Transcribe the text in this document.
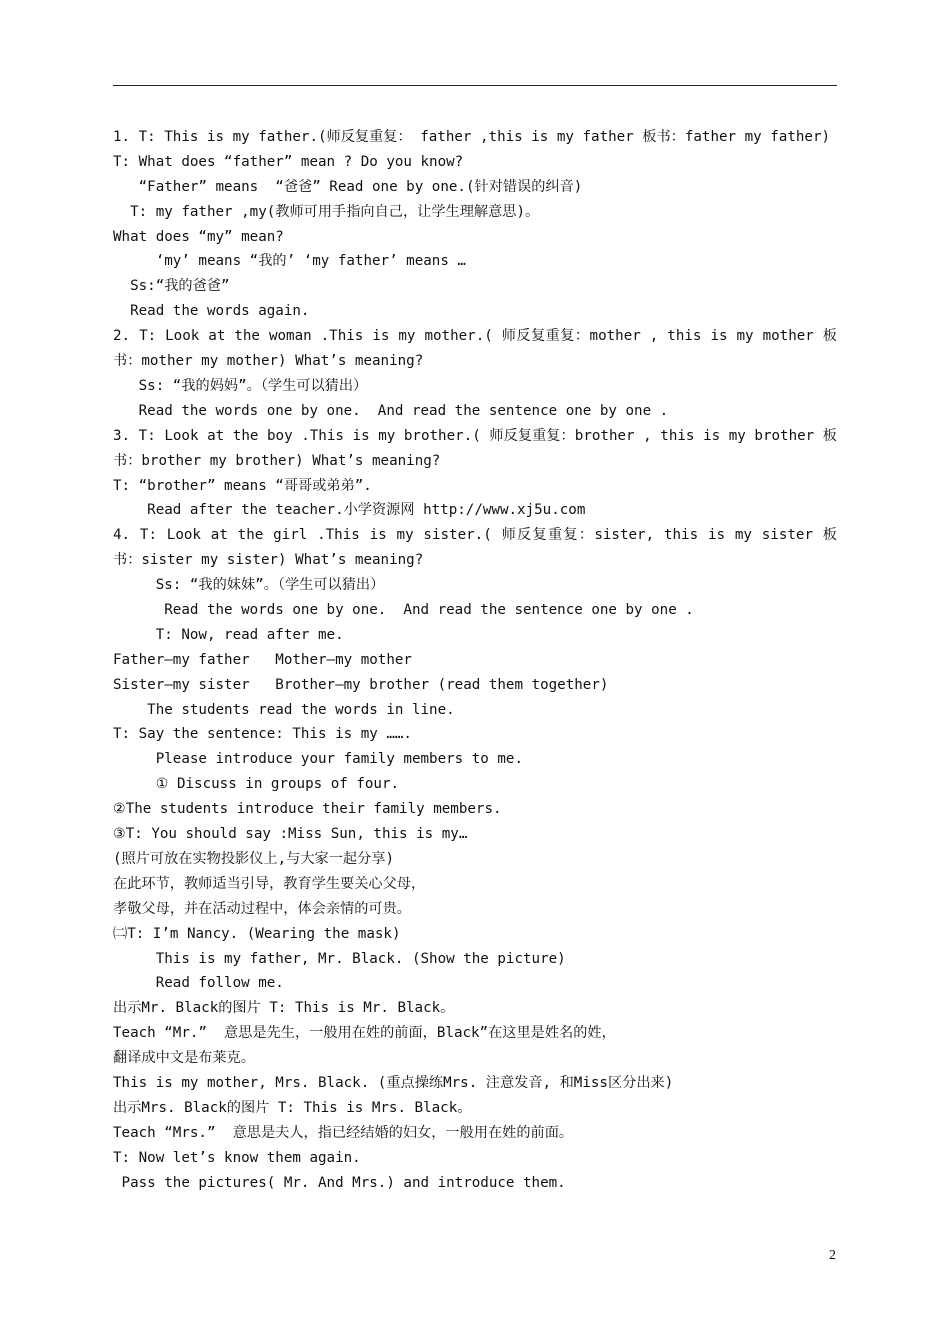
1. T: This is my father.(师反复重复： father ,this is my father 板书：father my father)
T: What does “father” mean ? Do you know?
“Father” means  “爸爸” Read one by one.(针对错误的纠音)
T: my father ,my(教师可用手指向自己，让学生理解意思)。
What does “my” mean?
‘my’ means “我的’ ‘my father’ means …
Ss:“我的爸爸”
Read the words again.
2. T: Look at the woman .This is my mother.( 师反复重复：mother , this is my mother 板书：mother my mother) What’s meaning?
Ss: “我的妈妈”。（学生可以猜出）
Read the words one by one.  And read the sentence one by one .
3. T: Look at the boy .This is my brother.( 师反复重复：brother , this is my brother 板书：brother my brother) What’s meaning?
T: “brother” means “哥哥或弟弟”.
Read after the teacher.小学资源网 http://www.xj5u.com
4. T: Look at the girl .This is my sister.( 师反复重复：sister, this is my sister 板书：sister my sister) What’s meaning?
Ss: “我的妹妹”。（学生可以猜出）
Read the words one by one.  And read the sentence one by one .
T: Now, read after me.
Father—my father   Mother—my mother
Sister—my sister   Brother—my brother (read them together)
The students read the words in line.
T: Say the sentence: This is my …….
Please introduce your family members to me.
① Discuss in groups of four.
②The students introduce their family members.
③T: You should say :Miss Sun, this is my…
(照片可放在实物投影仪上,与大家一起分享)
在此环节，教师适当引导，教育学生要关心父母，
孝敬父母，并在活动过程中，体会亲情的可贵。
㈡T: I’m Nancy. (Wearing the mask)
This is my father, Mr. Black. (Show the picture)
Read follow me.
出示Mr. Black的图片 T: This is Mr. Black。
Teach “Mr.”  意思是先生，一般用在姓的前面，Black”在这里是姓名的姓，
翻译成中文是布莱克。
This is my mother, Mrs. Black. (重点操练Mrs. 注意发音, 和Miss区分出来)
出示Mrs. Black的图片 T: This is Mrs. Black。
Teach “Mrs.”  意思是夫人，指已经结婚的妇女，一般用在姓的前面。
T: Now let’s know them again.
Pass the pictures( Mr. And Mrs.) and introduce them.
2
